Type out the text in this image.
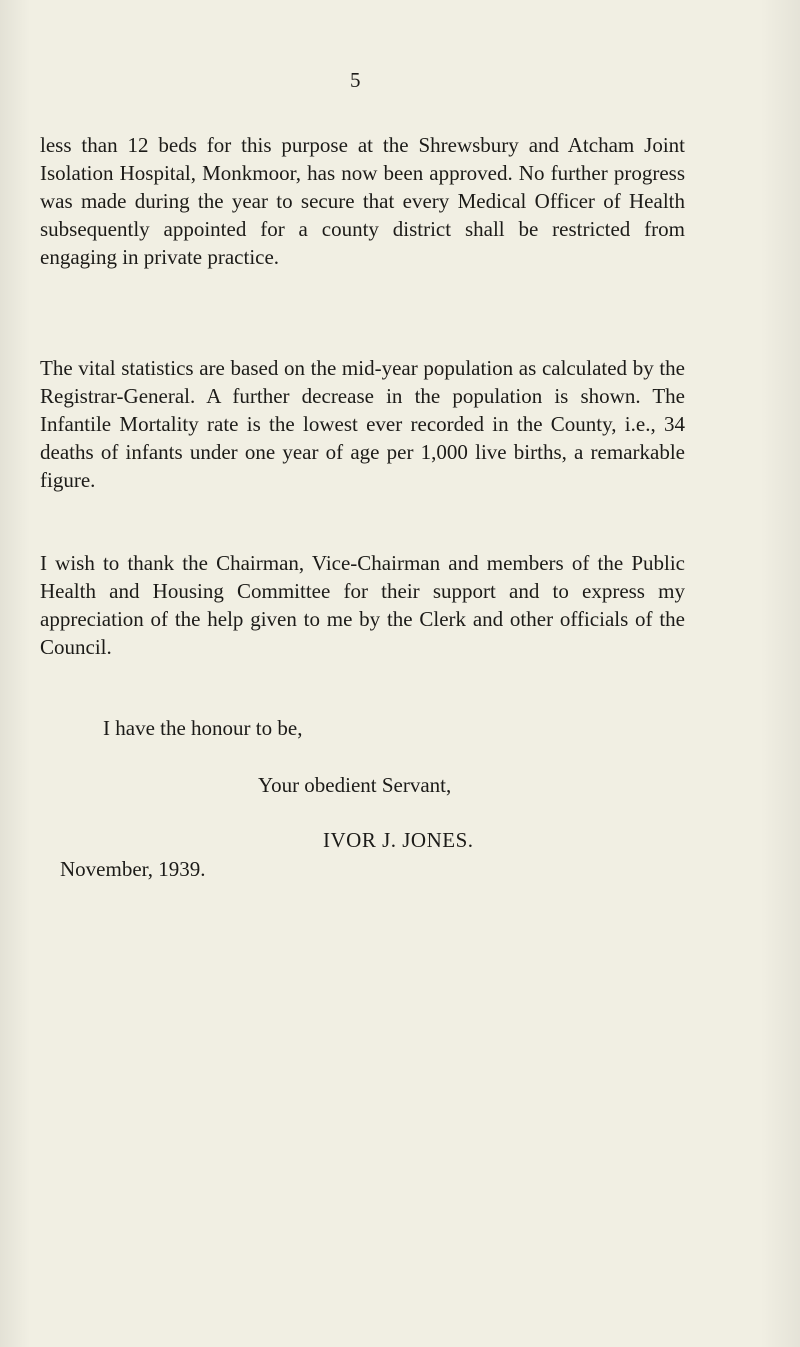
5

less than 12 beds for this purpose at the Shrewsbury and Atcham Joint Isolation Hospital, Monkmoor, has now been approved. No further progress was made during the year to secure that every Medical Officer of Health subsequently appointed for a county district shall be restricted from engaging in private practice.

The vital statistics are based on the mid-year population as calculated by the Registrar-General. A further decrease in the population is shown. The Infantile Mortality rate is the lowest ever recorded in the County, i.e., 34 deaths of infants under one year of age per 1,000 live births, a remarkable figure.

I wish to thank the Chairman, Vice-Chairman and members of the Public Health and Housing Committee for their support and to express my appreciation of the help given to me by the Clerk and other officials of the Council.

I have the honour to be,
Your obedient Servant,
IVOR J. JONES.
November, 1939.
